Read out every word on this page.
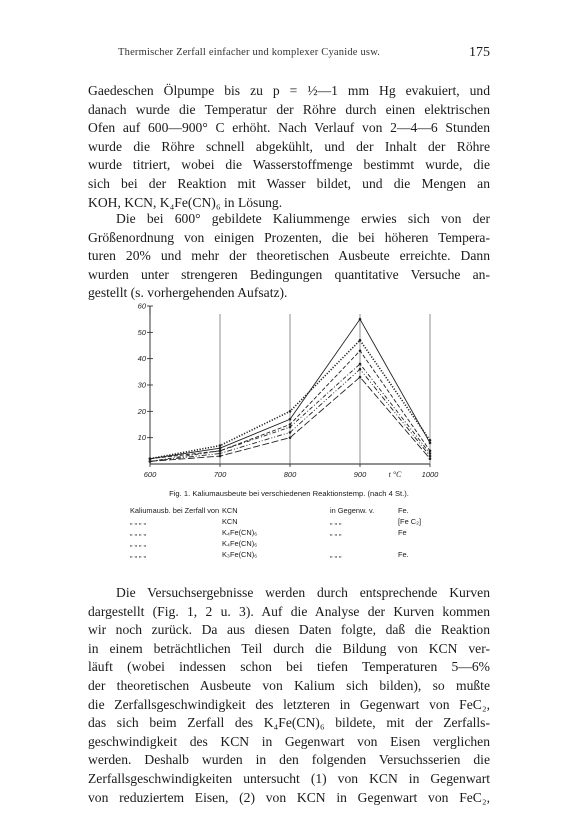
Thermischer Zerfall einfacher und komplexer Cyanide usw.	175
Gaedeschen Ölpumpe bis zu p = ½—1 mm Hg evakuiert, und
danach wurde die Temperatur der Röhre durch einen elektrischen
Ofen auf 600—900° C erhöht. Nach Verlauf von 2—4—6 Stunden
wurde die Röhre schnell abgekühlt, und der Inhalt der Röhre
wurde titriert, wobei die Wasserstoffmenge bestimmt wurde, die
sich bei der Reaktion mit Wasser bildet, und die Mengen an
KOH, KCN, K₄Fe(CN)₆ in Lösung.
Die bei 600° gebildete Kaliummenge erwies sich von der
Größenordnung von einigen Prozenten, die bei höheren Tempera-
turen 20% und mehr der theoretischen Ausbeute erreichte. Dann
wurden unter strengeren Bedingungen quantitative Versuche an-
gestellt (s. vorhergehenden Aufsatz).
600	700	800	900	1000
t °C
10
20
30
40
50
60
Fig. 1. Kaliumausbeute bei verschiedenen Reaktionstemp. (nach 4 St.).
Kaliumausb. bei Zerfall von KCN	in Gegenw. v.	Fe.
„ „ „ „	KCN	„ „ „	[Fe C₂]
„ „ „ „	K₄Fe(CN)₆	„ „ „	Fe
„ „ „ „	K₄Fe(CN)₆
„ „ „ „	K₃Fe(CN)₆	„ „ „	Fe.
Die Versuchsergebnisse werden durch entsprechende Kurven
dargestellt (Fig. 1, 2 u. 3). Auf die Analyse der Kurven kommen
wir noch zurück. Da aus diesen Daten folgte, daß die Reaktion
in einem beträchtlichen Teil durch die Bildung von KCN ver-
läuft (wobei indessen schon bei tiefen Temperaturen 5—6%
der theoretischen Ausbeute von Kalium sich bilden), so mußte
die Zerfallsgeschwindigkeit des letzteren in Gegenwart von FeC₂,
das sich beim Zerfall des K₄Fe(CN)₆ bildete, mit der Zerfalls-
geschwindigkeit des KCN in Gegenwart von Eisen verglichen
werden. Deshalb wurden in den folgenden Versuchsserien die
Zerfallsgeschwindigkeiten untersucht (1) von KCN in Gegenwart
von reduziertem Eisen, (2) von KCN in Gegenwart von FeC₂,
